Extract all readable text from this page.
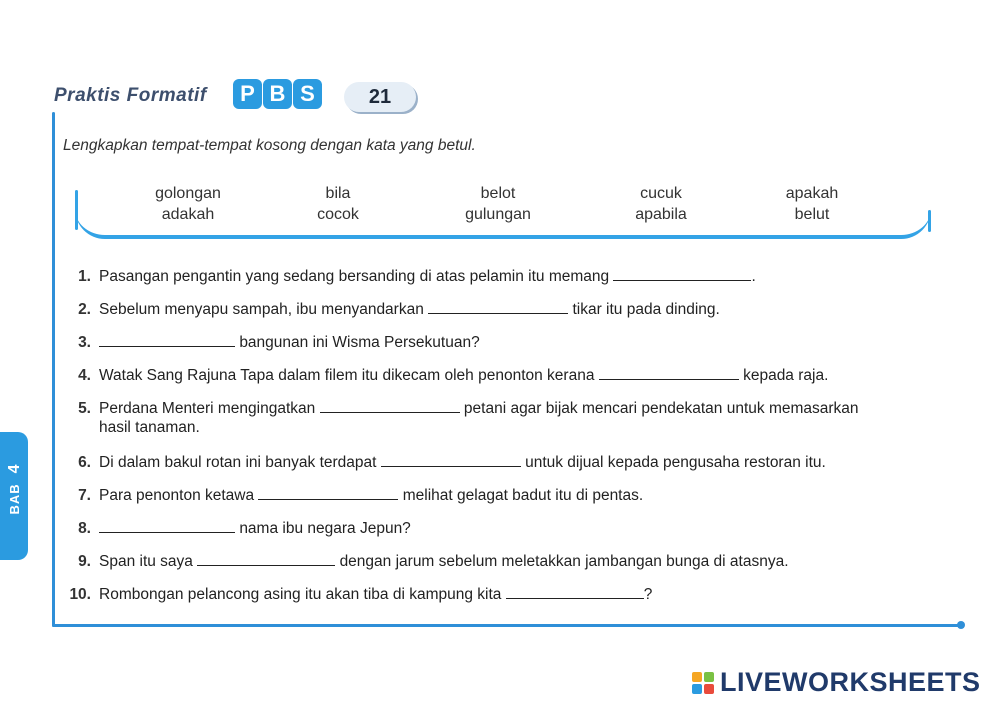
Praktis Formatif	P B S	21
Lengkapkan tempat-tempat kosong dengan kata yang betul.
golongan	bila	belot	cucuk	apakah
adakah	cocok	gulungan	apabila	belut
1. Pasangan pengantin yang sedang bersanding di atas pelamin itu memang	.
2. Sebelum menyapu sampah, ibu menyandarkan	tikar itu pada dinding.
3.	bangunan ini Wisma Persekutuan?
4. Watak Sang Rajuna Tapa dalam filem itu dikecam oleh penonton kerana	kepada raja.
5. Perdana Menteri mengingatkan	petani agar bijak mencari pendekatan untuk memasarkan
hasil tanaman.
6. Di dalam bakul rotan ini banyak terdapat	untuk dijual kepada pengusaha restoran itu.
7. Para penonton ketawa	melihat gelagat badut itu di pentas.
8.	nama ibu negara Jepun?
9. Span itu saya	dengan jarum sebelum meletakkan jambangan bunga di atasnya.
10. Rombongan pelancong asing itu akan tiba di kampung kita	?
BAB4
LIVEWORKSHEETS
